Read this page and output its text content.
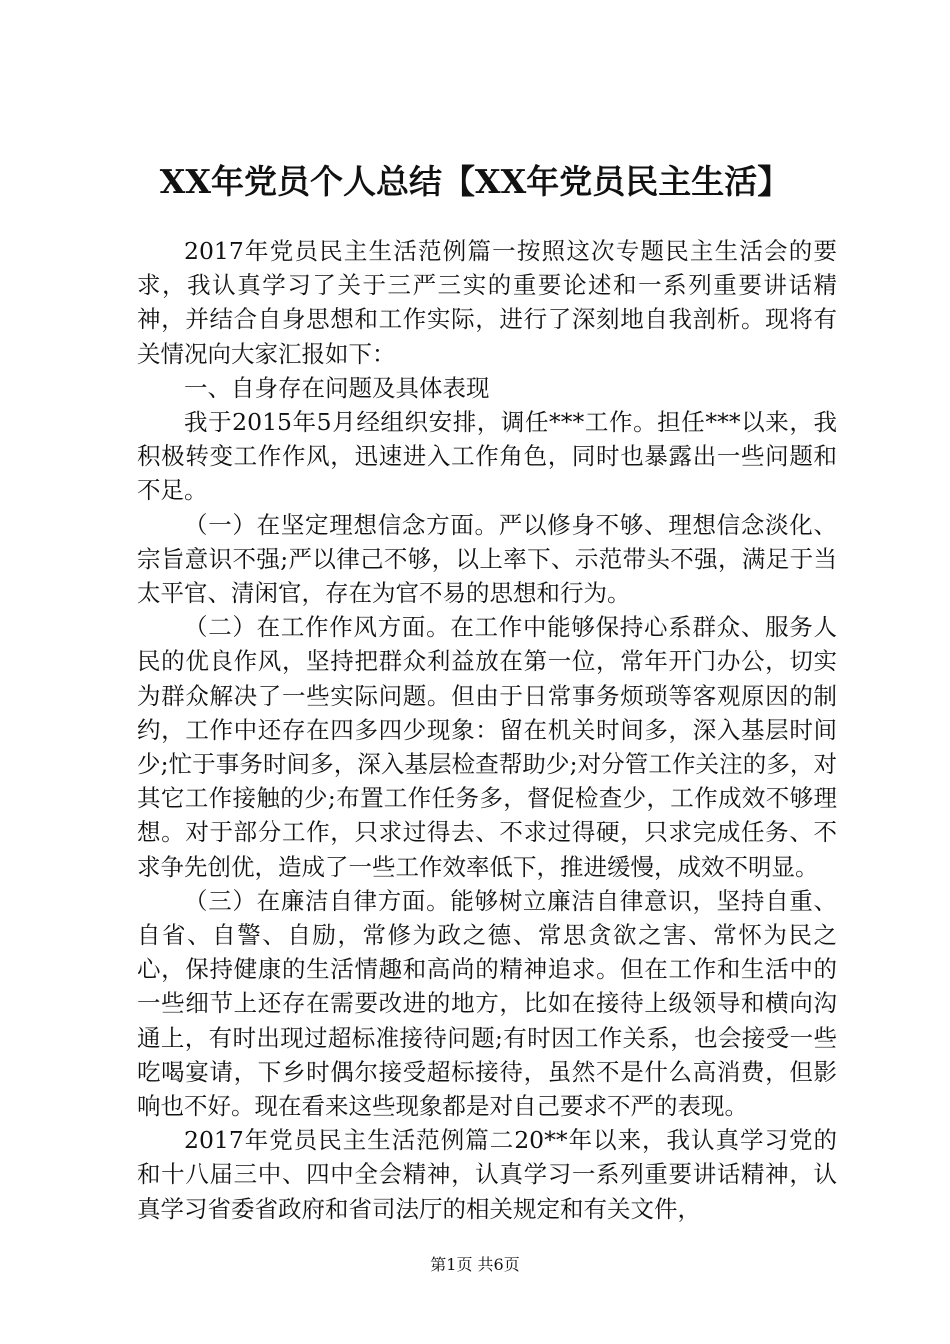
XX年党员个人总结【XX年党员民主生活】

2017年党员民主生活范例篇一按照这次专题民主生活会的要求，我认真学习了关于三严三实的重要论述和一系列重要讲话精神，并结合自身思想和工作实际，进行了深刻地自我剖析。现将有关情况向大家汇报如下：

一、自身存在问题及具体表现

我于2015年5月经组织安排，调任***工作。担任***以来，我积极转变工作作风，迅速进入工作角色，同时也暴露出一些问题和不足。

（一）在坚定理想信念方面。严以修身不够、理想信念淡化、宗旨意识不强;严以律己不够，以上率下、示范带头不强，满足于当太平官、清闲官，存在为官不易的思想和行为。

（二）在工作作风方面。在工作中能够保持心系群众、服务人民的优良作风，坚持把群众利益放在第一位，常年开门办公，切实为群众解决了一些实际问题。但由于日常事务烦琐等客观原因的制约，工作中还存在四多四少现象：留在机关时间多，深入基层时间少;忙于事务时间多，深入基层检查帮助少;对分管工作关注的多，对其它工作接触的少;布置工作任务多，督促检查少，工作成效不够理想。对于部分工作，只求过得去、不求过得硬，只求完成任务、不求争先创优，造成了一些工作效率低下，推进缓慢，成效不明显。

（三）在廉洁自律方面。能够树立廉洁自律意识，坚持自重、自省、自警、自励，常修为政之德、常思贪欲之害、常怀为民之心，保持健康的生活情趣和高尚的精神追求。但在工作和生活中的一些细节上还存在需要改进的地方，比如在接待上级领导和横向沟通上，有时出现过超标准接待问题;有时因工作关系，也会接受一些吃喝宴请，下乡时偶尔接受超标接待，虽然不是什么高消费，但影响也不好。现在看来这些现象都是对自己要求不严的表现。

2017年党员民主生活范例篇二20**年以来，我认真学习党的和十八届三中、四中全会精神，认真学习一系列重要讲话精神，认真学习省委省政府和省司法厅的相关规定和有关文件，

第1页 共6页
